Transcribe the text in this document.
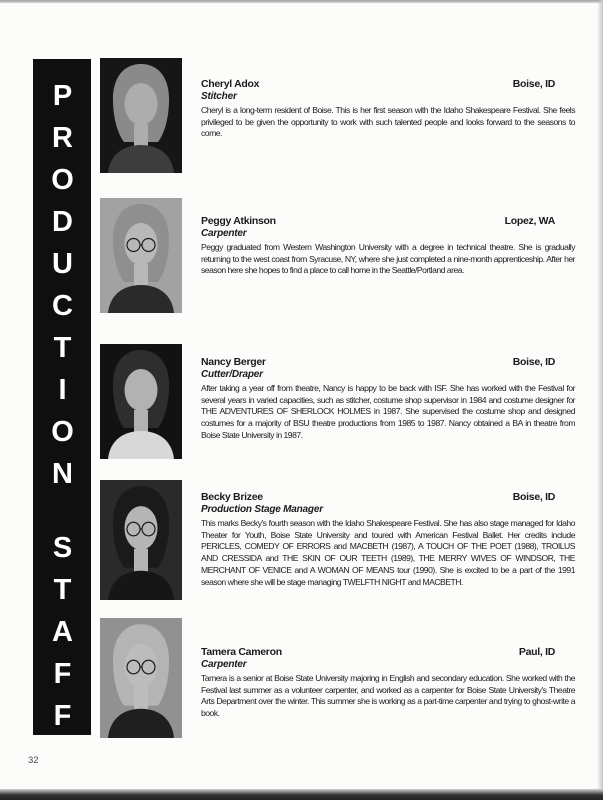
PRODUCTION
STAFF
Cheryl Adox	Boise, ID
Stitcher
Cheryl is a long-term resident of Boise. This is her first season with the Idaho Shakespeare Festival. She feels privileged to be given the opportunity to work with such talented people and looks forward to the seasons to come.
Peggy Atkinson	Lopez, WA
Carpenter
Peggy graduated from Western Washington University with a degree in technical theatre. She is gradually returning to the west coast from Syracuse, NY, where she just completed a nine-month apprenticeship. After her season here she hopes to find a place to call home in the Seattle/Portland area.
Nancy Berger	Boise, ID
Cutter/Draper
After taking a year off from theatre, Nancy is happy to be back with ISF. She has worked with the Festival for several years in varied capacities, such as stitcher, costume shop supervisor in 1984 and costume designer for THE ADVENTURES OF SHERLOCK HOLMES in 1987. She supervised the costume shop and designed costumes for a majority of BSU theatre productions from 1985 to 1987. Nancy obtained a BA in theatre from Boise State University in 1987.
Becky Brizee	Boise, ID
Production Stage Manager
This marks Becky's fourth season with the Idaho Shakespeare Festival. She has also stage managed for Idaho Theater for Youth, Boise State University and toured with American Festival Ballet. Her credits include PERICLES, COMEDY OF ERRORS and MACBETH (1987), A TOUCH OF THE POET (1988), TROILUS AND CRESSIDA and THE SKIN OF OUR TEETH (1989), THE MERRY WIVES OF WINDSOR, THE MERCHANT OF VENICE and A WOMAN OF MEANS tour (1990). She is excited to be a part of the 1991 season where she will be stage managing TWELFTH NIGHT and MACBETH.
Tamera Cameron	Paul, ID
Carpenter
Tamera is a senior at Boise State University majoring in English and secondary education. She worked with the Festival last summer as a volunteer carpenter, and worked as a carpenter for Boise State University's Theatre Arts Department over the winter. This summer she is working as a part-time carpenter and trying to ghost-write a book.
32
